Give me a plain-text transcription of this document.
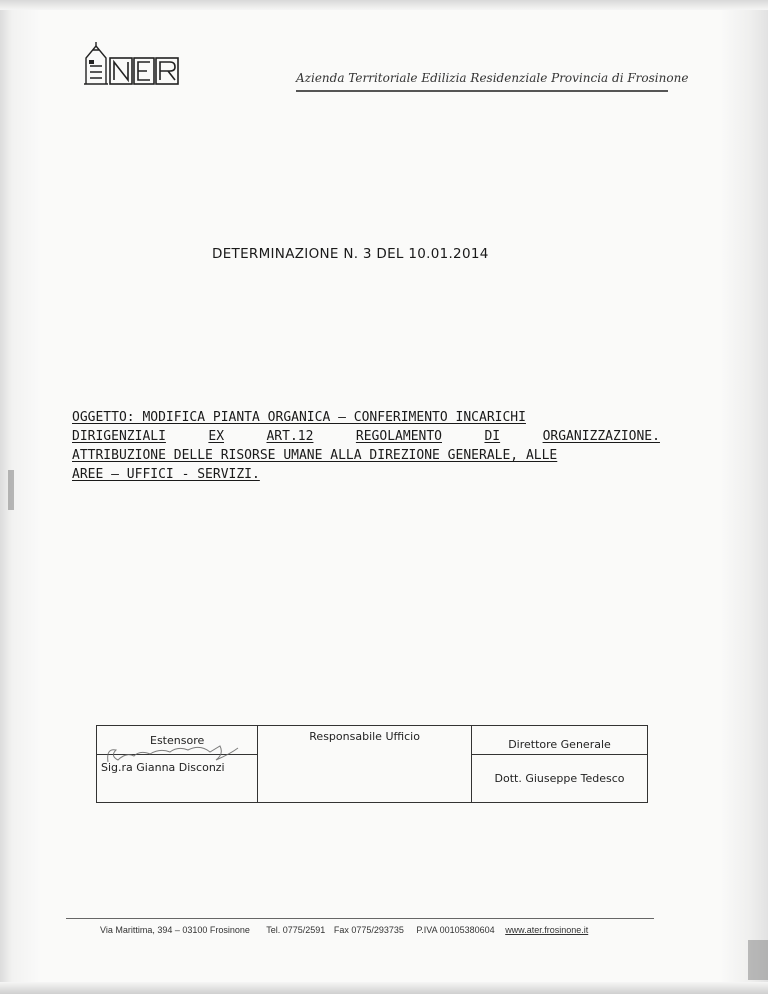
Azienda Territoriale Edilizia Residenziale Provincia di Frosinone
DETERMINAZIONE N. 3 DEL 10.01.2014
OGGETTO: MODIFICA PIANTA ORGANICA – CONFERIMENTO INCARICHI
DIRIGENZIALI	EX	ART.12	REGOLAMENTO	DI	ORGANIZZAZIONE.
ATTRIBUZIONE DELLE RISORSE UMANE ALLA DIREZIONE GENERALE, ALLE
AREE – UFFICI - SERVIZI.
Estensore	Responsabile Ufficio	Direttore Generale
Sig.ra Gianna Disconzi		Dott. Giuseppe Tedesco
Via Marittima, 394 – 03100 Frosinone Tel. 0775/2591 Fax 0775/293735 P.IVA 00105380604 www.ater.frosinone.it
